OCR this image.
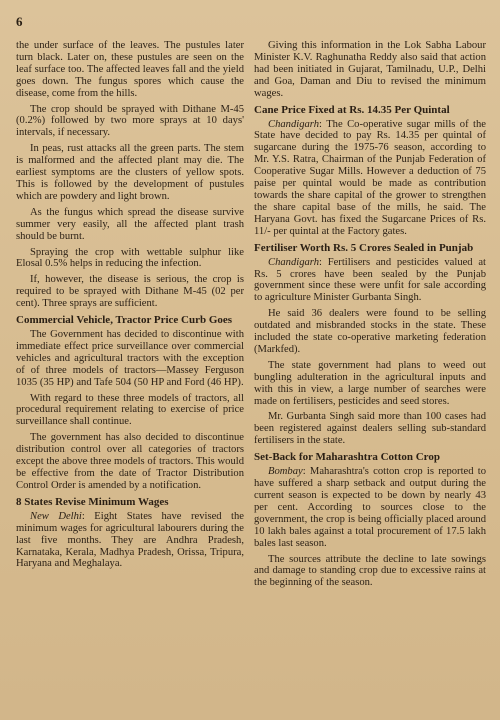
6

the under surface of the leaves. The pustules later turn black. Later on, these pustules are seen on the leaf surface too. The affected leaves fall and the yield goes down. The fungus spores which cause the disease, come from the hills.

The crop should be sprayed with Dithane M-45 (0.2%) followed by two more sprays at 10 days' intervals, if necessary.

In peas, rust attacks all the green parts. The stem is malformed and the affected plant may die. The earliest symptoms are the clusters of yellow spots. This is followed by the development of pustules which are powdery and light brown.

As the fungus which spread the disease survive summer very easily, all the affected plant trash should be burnt.

Spraying the crop with wettable sulphur like Elosal 0.5% helps in reducing the infection.

If, however, the disease is serious, the crop is required to be sprayed with Dithane M-45 (02 per cent). Three sprays are sufficient.

Commercial Vehicle, Tractor Price Curb Goes

The Government has decided to discontinue with immediate effect price surveillance over commercial vehicles and agricultural tractors with the exception of of three models of tractors—Massey Ferguson 1035 (35 HP) and Tafe 504 (50 HP and Ford (46 HP).

With regard to these three models of tractors, all procedural requirement relating to exercise of price surveillance shall continue.

The government has also decided to discontinue distribution control over all categories of tractors except the above three models of tractors. This would be effective from the date of Tractor Distribution Control Order is amended by a notification.

8 States Revise Minimum Wages

New Delhi: Eight States have revised the minimum wages for agricultural labourers during the last five months. They are Andhra Pradesh, Karnataka, Kerala, Madhya Pradesh, Orissa, Tripura, Haryana and Meghalaya.

Giving this information in the Lok Sabha Labour Minister K.V. Raghunatha Reddy also said that action had been initiated in Gujarat, Tamilnadu, U.P., Delhi and Goa, Daman and Diu to revised the minimum wages.

Cane Price Fixed at Rs. 14.35 Per Quintal

Chandigarh: The Co-operative sugar mills of the State have decided to pay Rs. 14.35 per quintal of sugarcane during the 1975-76 season, according to Mr. Y.S. Ratra, Chairman of the Punjab Federation of Cooperative Sugar Mills. However a deduction of 75 paise per quintal would be made as contribution towards the share capital of the grower to strengthen the share capital base of the mills, he said. The Haryana Govt. has fixed the Sugarcane Prices of Rs. 11/- per quintal at the Factory gates.

Fertiliser Worth Rs. 5 Crores Sealed in Punjab

Chandigarh: Fertilisers and pesticides valued at Rs. 5 crores have been sealed by the Punjab government since these were unfit for sale according to agriculture Minister Gurbanta Singh.

He said 36 dealers were found to be selling outdated and misbranded stocks in the state. These included the state co-operative marketing federation (Markfed).

The state government had plans to weed out bungling adulteration in the agricultural inputs and with this in view, a large number of searches were made on fertilisers, pesticides and seed stores.

Mr. Gurbanta Singh said more than 100 cases had been registered against dealers selling sub-standard fertilisers in the state.

Set-Back for Maharashtra Cotton Crop

Bombay: Maharashtra's cotton crop is reported to have suffered a sharp setback and output during the current season is expected to be down by nearly 43 per cent. According to sources close to the government, the crop is being officially placed around 10 lakh bales against a total procurement of 17.5 lakh bales last season.

The sources attribute the decline to late sowings and damage to standing crop due to excessive rains at the beginning of the season.
